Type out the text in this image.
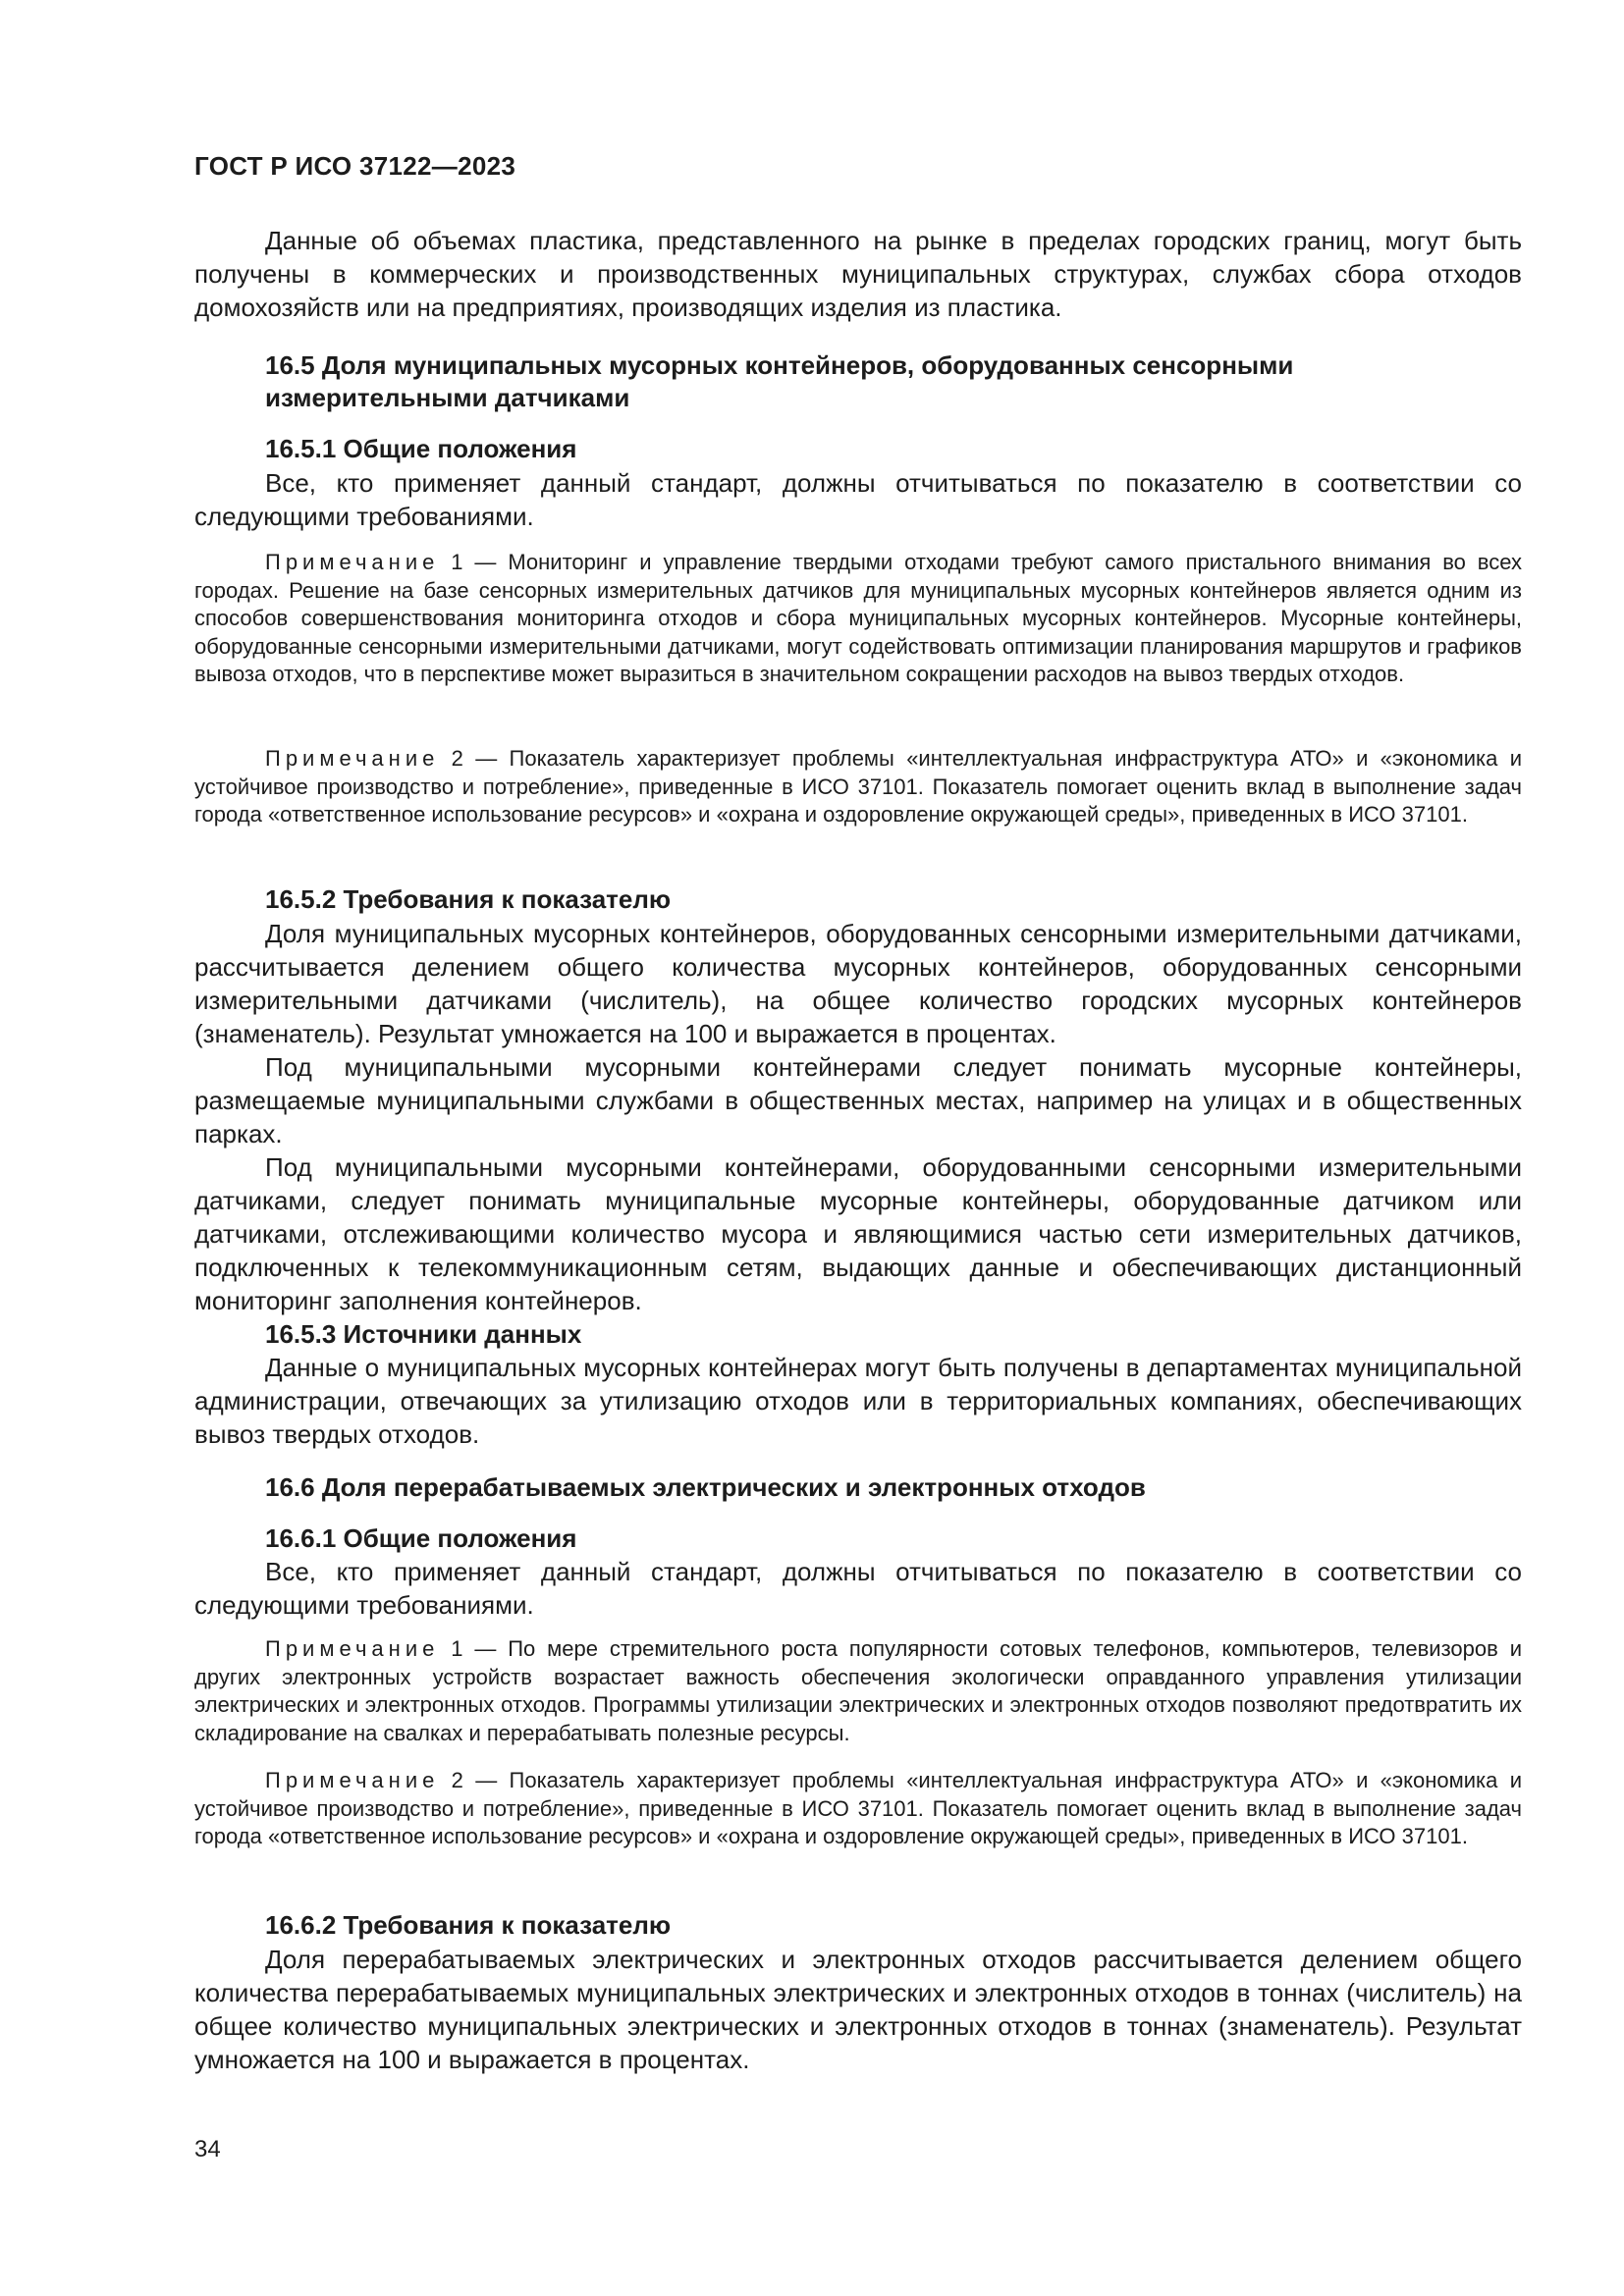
ГОСТ Р ИСО 37122—2023

Данные об объемах пластика, представленного на рынке в пределах городских границ, могут быть получены в коммерческих и производственных муниципальных структурах, службах сбора отходов домохозяйств или на предприятиях, производящих изделия из пластика.

16.5 Доля муниципальных мусорных контейнеров, оборудованных сенсорными измерительными датчиками

16.5.1 Общие положения

Все, кто применяет данный стандарт, должны отчитываться по показателю в соответствии со следующими требованиями.

Примечание 1 — Мониторинг и управление твердыми отходами требуют самого пристального внимания во всех городах. Решение на базе сенсорных измерительных датчиков для муниципальных мусорных контейнеров является одним из способов совершенствования мониторинга отходов и сбора муниципальных мусорных контейнеров. Мусорные контейнеры, оборудованные сенсорными измерительными датчиками, могут содействовать оптимизации планирования маршрутов и графиков вывоза отходов, что в перспективе может выразиться в значительном сокращении расходов на вывоз твердых отходов.

Примечание 2 — Показатель характеризует проблемы «интеллектуальная инфраструктура АТО» и «экономика и устойчивое производство и потребление», приведенные в ИСО 37101. Показатель помогает оценить вклад в выполнение задач города «ответственное использование ресурсов» и «охрана и оздоровление окружающей среды», приведенных в ИСО 37101.

16.5.2 Требования к показателю

Доля муниципальных мусорных контейнеров, оборудованных сенсорными измерительными датчиками, рассчитывается делением общего количества мусорных контейнеров, оборудованных сенсорными измерительными датчиками (числитель), на общее количество городских мусорных контейнеров (знаменатель). Результат умножается на 100 и выражается в процентах.

Под муниципальными мусорными контейнерами следует понимать мусорные контейнеры, размещаемые муниципальными службами в общественных местах, например на улицах и в общественных парках.

Под муниципальными мусорными контейнерами, оборудованными сенсорными измерительными датчиками, следует понимать муниципальные мусорные контейнеры, оборудованные датчиком или датчиками, отслеживающими количество мусора и являющимися частью сети измерительных датчиков, подключенных к телекоммуникационным сетям, выдающих данные и обеспечивающих дистанционный мониторинг заполнения контейнеров.

16.5.3 Источники данных

Данные о муниципальных мусорных контейнерах могут быть получены в департаментах муниципальной администрации, отвечающих за утилизацию отходов или в территориальных компаниях, обеспечивающих вывоз твердых отходов.

16.6 Доля перерабатываемых электрических и электронных отходов

16.6.1 Общие положения

Все, кто применяет данный стандарт, должны отчитываться по показателю в соответствии со следующими требованиями.

Примечание 1 — По мере стремительного роста популярности сотовых телефонов, компьютеров, телевизоров и других электронных устройств возрастает важность обеспечения экологически оправданного управления утилизации электрических и электронных отходов. Программы утилизации электрических и электронных отходов позволяют предотвратить их складирование на свалках и перерабатывать полезные ресурсы.

Примечание 2 — Показатель характеризует проблемы «интеллектуальная инфраструктура АТО» и «экономика и устойчивое производство и потребление», приведенные в ИСО 37101. Показатель помогает оценить вклад в выполнение задач города «ответственное использование ресурсов» и «охрана и оздоровление окружающей среды», приведенных в ИСО 37101.

16.6.2 Требования к показателю

Доля перерабатываемых электрических и электронных отходов рассчитывается делением общего количества перерабатываемых муниципальных электрических и электронных отходов в тоннах (числитель) на общее количество муниципальных электрических и электронных отходов в тоннах (знаменатель). Результат умножается на 100 и выражается в процентах.

34
